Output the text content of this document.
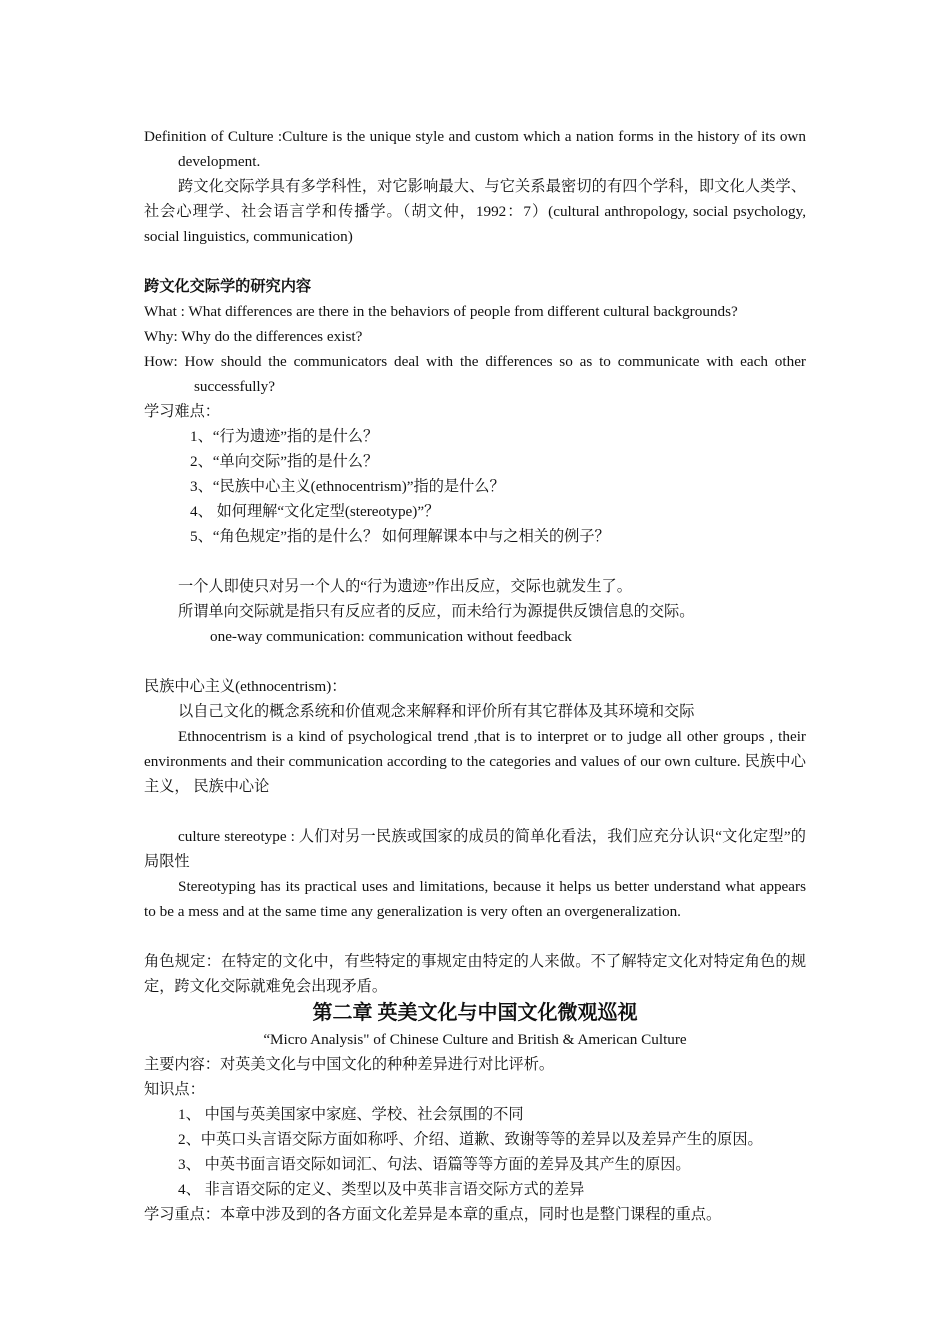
Definition of Culture :Culture is the unique style and custom which a nation forms in the history of its own development.

跨文化交际学具有多学科性，对它影响最大、与它关系最密切的有四个学科，即文化人类学、社会心理学、社会语言学和传播学。（胡文仲，1992：7）(cultural anthropology, social psychology, social linguistics, communication)

跨文化交际学的研究内容

What : What differences are there in the behaviors of people from different cultural backgrounds?

Why: Why do the differences exist?

How: How should the communicators deal with the differences so as to communicate with each other successfully?

学习难点：

1、“行为遗迹”指的是什么？

2、“单向交际”指的是什么？

3、“民族中心主义(ethnocentrism)”指的是什么？

4、 如何理解“文化定型(stereotype)”？

5、“角色规定”指的是什么？ 如何理解课本中与之相关的例子？

一个人即使只对另一个人的“行为遗迹”作出反应，交际也就发生了。

所谓单向交际就是指只有反应者的反应，而未给行为源提供反馈信息的交际。

one-way communication: communication without feedback

民族中心主义(ethnocentrism)：

以自己文化的概念系统和价值观念来解释和评价所有其它群体及其环境和交际

Ethnocentrism is a kind of psychological trend ,that is to interpret or to judge all other groups , their environments and their communication according to the categories and values of our own culture. 民族中心主义， 民族中心论

culture stereotype : 人们对另一民族或国家的成员的简单化看法，我们应充分认识“文化定型”的局限性

Stereotyping has its practical uses and limitations, because it helps us better understand what appears to be a mess and at the same time any generalization is very often an overgeneralization.

角色规定：在特定的文化中，有些特定的事规定由特定的人来做。不了解特定文化对特定角色的规定，跨文化交际就难免会出现矛盾。

第二章 英美文化与中国文化微观巡视

“Micro Analysis" of Chinese Culture and British & American Culture

主要内容：对英美文化与中国文化的种种差异进行对比评析。

知识点：

1、 中国与英美国家中家庭、学校、社会氛围的不同

2、中英口头言语交际方面如称呼、介绍、道歉、致谢等等的差异以及差异产生的原因。

3、 中英书面言语交际如词汇、句法、语篇等等方面的差异及其产生的原因。

4、 非言语交际的定义、类型以及中英非言语交际方式的差异

学习重点：本章中涉及到的各方面文化差异是本章的重点，同时也是整门课程的重点。
